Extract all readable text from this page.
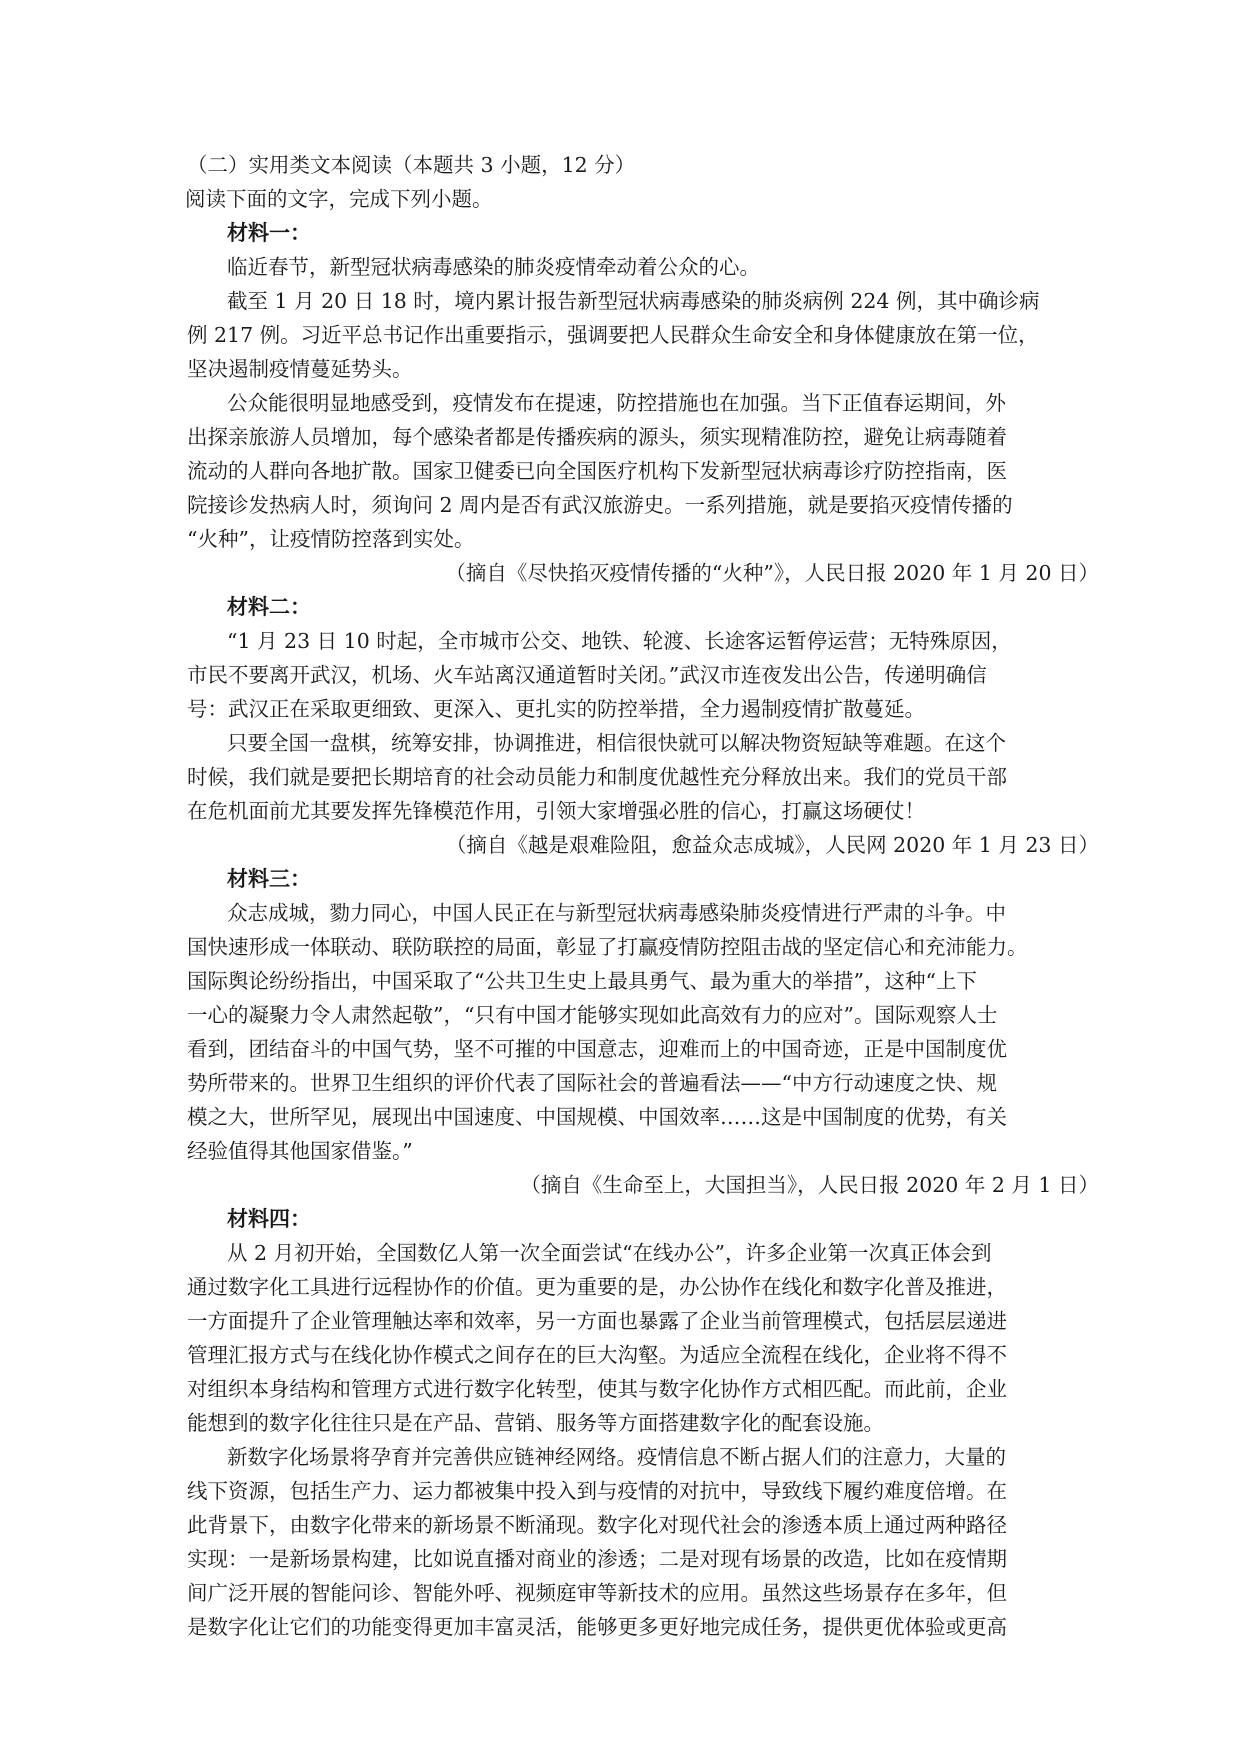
（二）实用类文本阅读（本题共 3 小题，12 分）
阅读下面的文字，完成下列小题。
材料一：

临近春节，新型冠状病毒感染的肺炎疫情牵动着公众的心。

截至 1 月 20 日 18 时，境内累计报告新型冠状病毒感染的肺炎病例 224 例，其中确诊病
例 217 例。习近平总书记作出重要指示，强调要把人民群众生命安全和身体健康放在第一位，
坚决遏制疫情蔓延势头。

公众能很明显地感受到，疫情发布在提速，防控措施也在加强。当下正值春运期间，外
出探亲旅游人员增加，每个感染者都是传播疾病的源头，须实现精准防控，避免让病毒随着
流动的人群向各地扩散。国家卫健委已向全国医疗机构下发新型冠状病毒诊疗防控指南，医
院接诊发热病人时，须询问 2 周内是否有武汉旅游史。一系列措施，就是要掐灭疫情传播的
“火种”，让疫情防控落到实处。

（摘自《尽快掐灭疫情传播的“火种”》，人民日报 2020 年 1 月 20 日）
材料二：

“1 月 23 日 10 时起，全市城市公交、地铁、轮渡、长途客运暂停运营；无特殊原因，
市民不要离开武汉，机场、火车站离汉通道暂时关闭。”武汉市连夜发出公告，传递明确信
号：武汉正在采取更细致、更深入、更扎实的防控举措，全力遏制疫情扩散蔓延。

只要全国一盘棋，统筹安排，协调推进，相信很快就可以解决物资短缺等难题。在这个
时候，我们就是要把长期培育的社会动员能力和制度优越性充分释放出来。我们的党员干部
在危机面前尤其要发挥先锋模范作用，引领大家增强必胜的信心，打赢这场硬仗！

（摘自《越是艰难险阻，愈益众志成城》，人民网 2020 年 1 月 23 日）
材料三：

众志成城，勠力同心，中国人民正在与新型冠状病毒感染肺炎疫情进行严肃的斗争。中
国快速形成一体联动、联防联控的局面，彰显了打赢疫情防控阻击战的坚定信心和充沛能力。
国际舆论纷纷指出，中国采取了“公共卫生史上最具勇气、最为重大的举措”，这种“上下
一心的凝聚力令人肃然起敬”，“只有中国才能够实现如此高效有力的应对”。国际观察人士
看到，团结奋斗的中国气势，坚不可摧的中国意志，迎难而上的中国奇迹，正是中国制度优
势所带来的。世界卫生组织的评价代表了国际社会的普遍看法——“中方行动速度之快、规
模之大，世所罕见，展现出中国速度、中国规模、中国效率……这是中国制度的优势，有关
经验值得其他国家借鉴。”

（摘自《生命至上，大国担当》，人民日报 2020 年 2 月 1 日）
材料四：

从 2 月初开始，全国数亿人第一次全面尝试“在线办公”，许多企业第一次真正体会到
通过数字化工具进行远程协作的价值。更为重要的是，办公协作在线化和数字化普及推进，
一方面提升了企业管理触达率和效率，另一方面也暴露了企业当前管理模式，包括层层递进
管理汇报方式与在线化协作模式之间存在的巨大沟壑。为适应全流程在线化，企业将不得不
对组织本身结构和管理方式进行数字化转型，使其与数字化协作方式相匹配。而此前，企业
能想到的数字化往往只是在产品、营销、服务等方面搭建数字化的配套设施。

新数字化场景将孕育并完善供应链神经网络。疫情信息不断占据人们的注意力，大量的
线下资源，包括生产力、运力都被集中投入到与疫情的对抗中，导致线下履约难度倍增。在
此背景下，由数字化带来的新场景不断涌现。数字化对现代社会的渗透本质上通过两种路径
实现：一是新场景构建，比如说直播对商业的渗透；二是对现有场景的改造，比如在疫情期
间广泛开展的智能问诊、智能外呼、视频庭审等新技术的应用。虽然这些场景存在多年，但
是数字化让它们的功能变得更加丰富灵活，能够更多更好地完成任务，提供更优体验或更高
